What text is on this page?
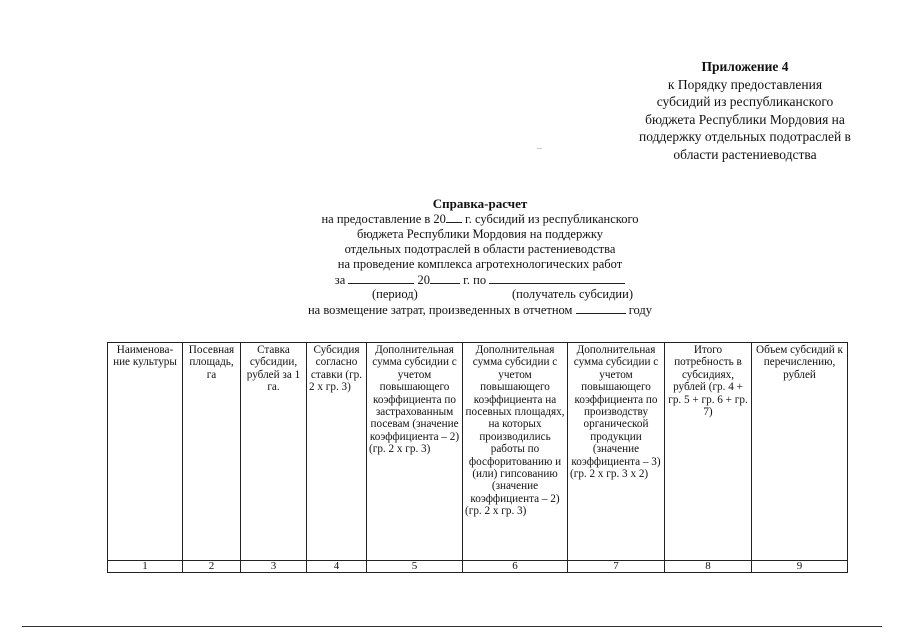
Приложение 4
к Порядку предоставления
субсидий из республиканского
бюджета Республики Мордовия на
поддержку отдельных подотраслей в
области растениеводства
Справка-расчет
на предоставление в 20 г. субсидий из республиканского
бюджета Республики Мордовия на поддержку
отдельных подотраслей в области растениеводства
на проведение комплекса агротехнологических работ
за	20	г. по
(период)	(получатель субсидии)
на возмещение затрат, произведенных в отчетном	году
Наименова-ние культуры	Посевная площадь, га	Ставка субсидии, рублей за 1 га.	Субсидия согласно ставки (гр. 2 х гр. 3)	Дополнительная сумма субсидии с учетом повышающего коэффициента по застрахованным посевам (значение коэффициента – 2) (гр. 2 х гр. 3)	Дополнительная сумма субсидии с учетом повышающего коэффициента на посевных площадях, на которых производились работы по фосфоритованию и (или) гипсованию (значение коэффициента – 2) (гр. 2 х гр. 3)	Дополнительная сумма субсидии с учетом повышающего коэффициента по производству органической продукции (значение коэффициента – 3) (гр. 2 х гр. 3 х 2)	Итого потребность в субсидиях, рублей (гр. 4 + гр. 5 + гр. 6 + гр. 7)	Объем субсидий к перечислению, рублей
1	2	3	4	5	6	7	8	9
–
